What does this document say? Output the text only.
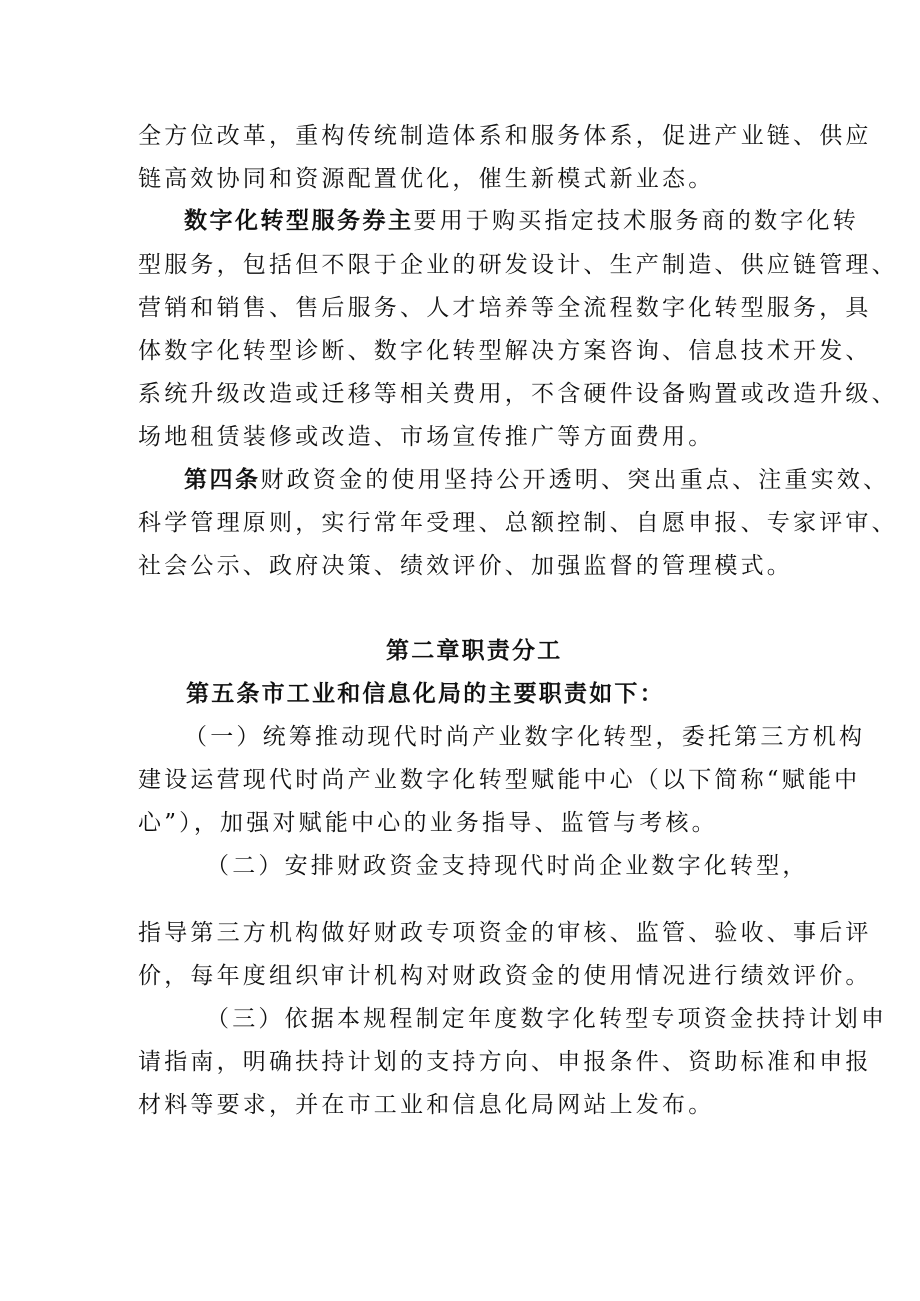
全方位改革，重构传统制造体系和服务体系，促进产业链、供应
链高效协同和资源配置优化，催生新模式新业态。
数字化转型服务券主要用于购买指定技术服务商的数字化转
型服务，包括但不限于企业的研发设计、生产制造、供应链管理、
营销和销售、售后服务、人才培养等全流程数字化转型服务，具
体数字化转型诊断、数字化转型解决方案咨询、信息技术开发、
系统升级改造或迁移等相关费用，不含硬件设备购置或改造升级、
场地租赁装修或改造、市场宣传推广等方面费用。
第四条财政资金的使用坚持公开透明、突出重点、注重实效、
科学管理原则，实行常年受理、总额控制、自愿申报、专家评审、
社会公示、政府决策、绩效评价、加强监督的管理模式。
第二章职责分工
第五条市工业和信息化局的主要职责如下：
（一）统筹推动现代时尚产业数字化转型，委托第三方机构
建设运营现代时尚产业数字化转型赋能中心（以下简称“赋能中
心”），加强对赋能中心的业务指导、监管与考核。
（二）安排财政资金支持现代时尚企业数字化转型，
指导第三方机构做好财政专项资金的审核、监管、验收、事后评
价，每年度组织审计机构对财政资金的使用情况进行绩效评价。
（三）依据本规程制定年度数字化转型专项资金扶持计划申
请指南，明确扶持计划的支持方向、申报条件、资助标准和申报
材料等要求，并在市工业和信息化局网站上发布。
